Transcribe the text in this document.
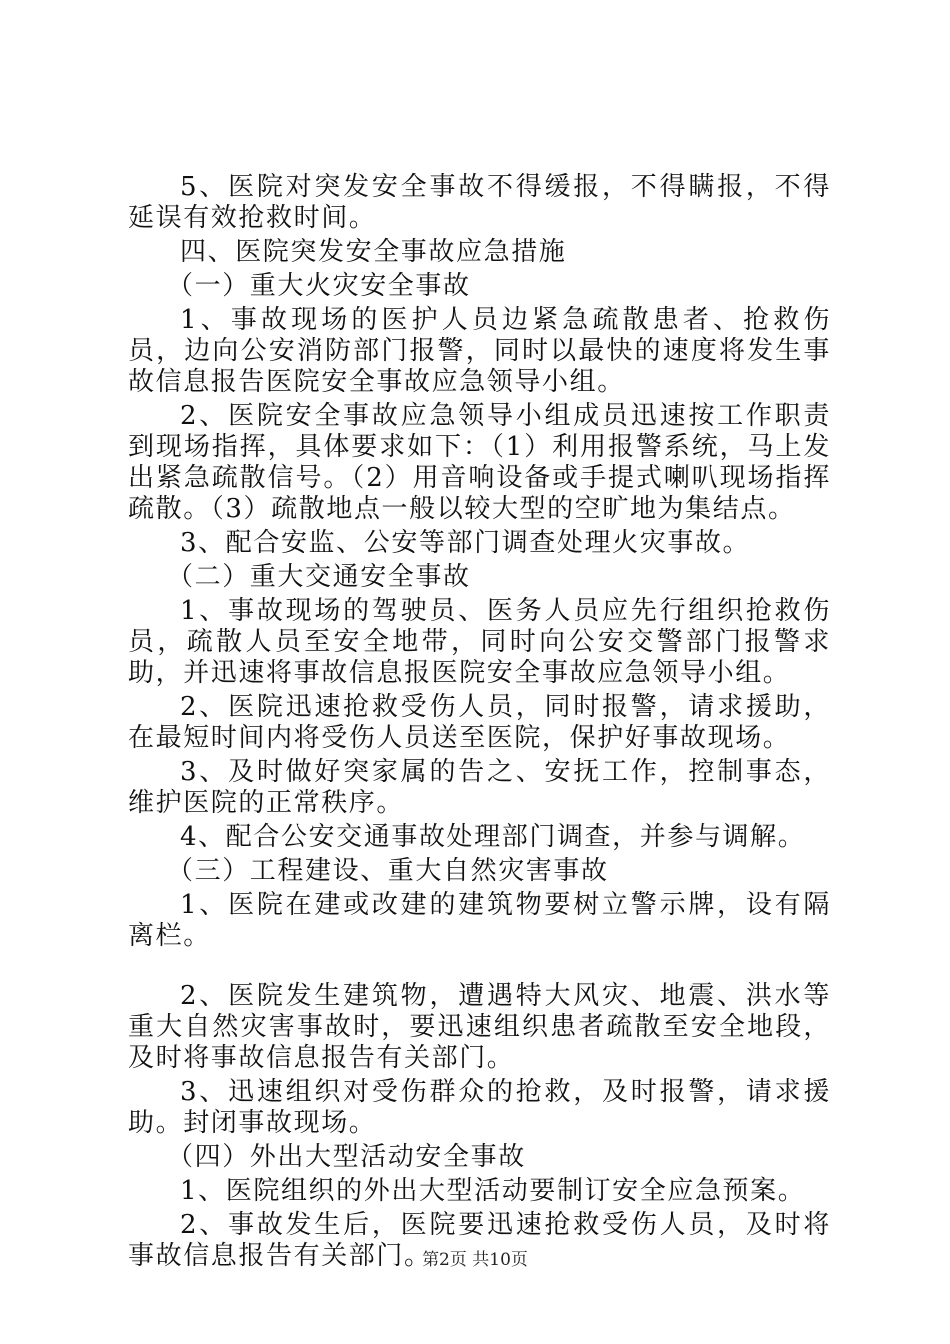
5、医院对突发安全事故不得缓报，不得瞒报，不得延误有效抢救时间。

四、医院突发安全事故应急措施

（一）重大火灾安全事故

1、事故现场的医护人员边紧急疏散患者、抢救伤员，边向公安消防部门报警，同时以最快的速度将发生事故信息报告医院安全事故应急领导小组。

2、医院安全事故应急领导小组成员迅速按工作职责到现场指挥，具体要求如下：（1）利用报警系统，马上发出紧急疏散信号。（2）用音响设备或手提式喇叭现场指挥疏散。（3）疏散地点一般以较大型的空旷地为集结点。

3、配合安监、公安等部门调查处理火灾事故。

（二）重大交通安全事故

1、事故现场的驾驶员、医务人员应先行组织抢救伤员，疏散人员至安全地带，同时向公安交警部门报警求助，并迅速将事故信息报医院安全事故应急领导小组。

2、医院迅速抢救受伤人员，同时报警，请求援助，在最短时间内将受伤人员送至医院，保护好事故现场。

3、及时做好突家属的告之、安抚工作，控制事态，维护医院的正常秩序。

4、配合公安交通事故处理部门调查，并参与调解。

（三）工程建设、重大自然灾害事故

1、医院在建或改建的建筑物要树立警示牌，设有隔离栏。

2、医院发生建筑物，遭遇特大风灾、地震、洪水等重大自然灾害事故时，要迅速组织患者疏散至安全地段，及时将事故信息报告有关部门。

3、迅速组织对受伤群众的抢救，及时报警，请求援助。封闭事故现场。

（四）外出大型活动安全事故

1、医院组织的外出大型活动要制订安全应急预案。

2、事故发生后，医院要迅速抢救受伤人员，及时将事故信息报告有关部门。

第2页 共10页
